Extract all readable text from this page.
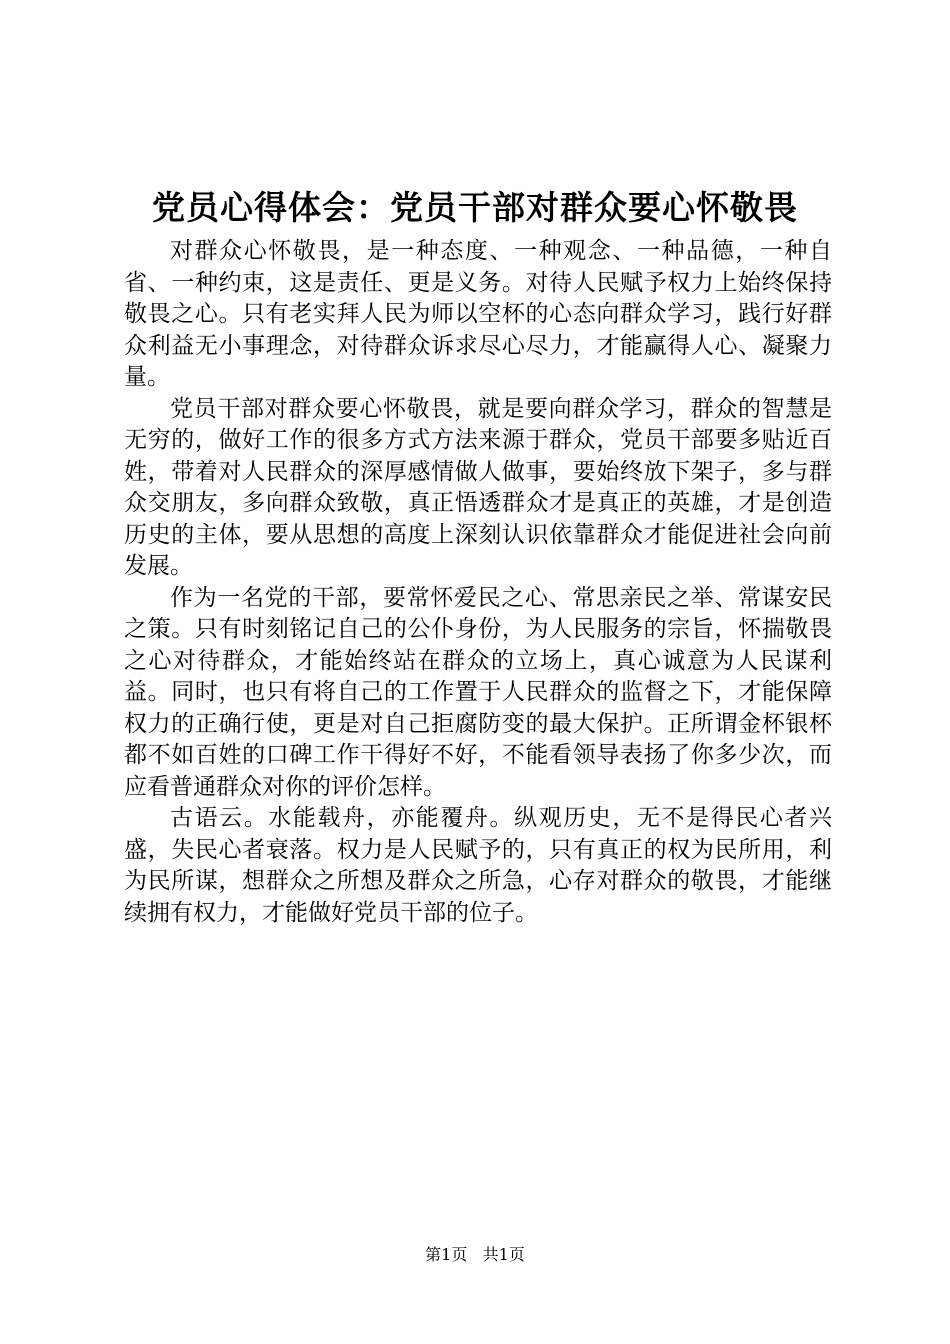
党员心得体会：党员干部对群众要心怀敬畏

对群众心怀敬畏，是一种态度、一种观念、一种品德，一种自省、一种约束，这是责任、更是义务。对待人民赋予权力上始终保持敬畏之心。只有老实拜人民为师以空杯的心态向群众学习，践行好群众利益无小事理念，对待群众诉求尽心尽力，才能赢得人心、凝聚力量。

党员干部对群众要心怀敬畏，就是要向群众学习，群众的智慧是无穷的，做好工作的很多方式方法来源于群众，党员干部要多贴近百姓，带着对人民群众的深厚感情做人做事，要始终放下架子，多与群众交朋友，多向群众致敬，真正悟透群众才是真正的英雄，才是创造历史的主体，要从思想的高度上深刻认识依靠群众才能促进社会向前发展。

作为一名党的干部，要常怀爱民之心、常思亲民之举、常谋安民之策。只有时刻铭记自己的公仆身份，为人民服务的宗旨，怀揣敬畏之心对待群众，才能始终站在群众的立场上，真心诚意为人民谋利益。同时，也只有将自己的工作置于人民群众的监督之下，才能保障权力的正确行使，更是对自己拒腐防变的最大保护。正所谓金杯银杯都不如百姓的口碑工作干得好不好，不能看领导表扬了你多少次，而应看普通群众对你的评价怎样。

古语云。水能载舟，亦能覆舟。纵观历史，无不是得民心者兴盛，失民心者衰落。权力是人民赋予的，只有真正的权为民所用，利为民所谋，想群众之所想及群众之所急，心存对群众的敬畏，才能继续拥有权力，才能做好党员干部的位子。

第1页 共1页
